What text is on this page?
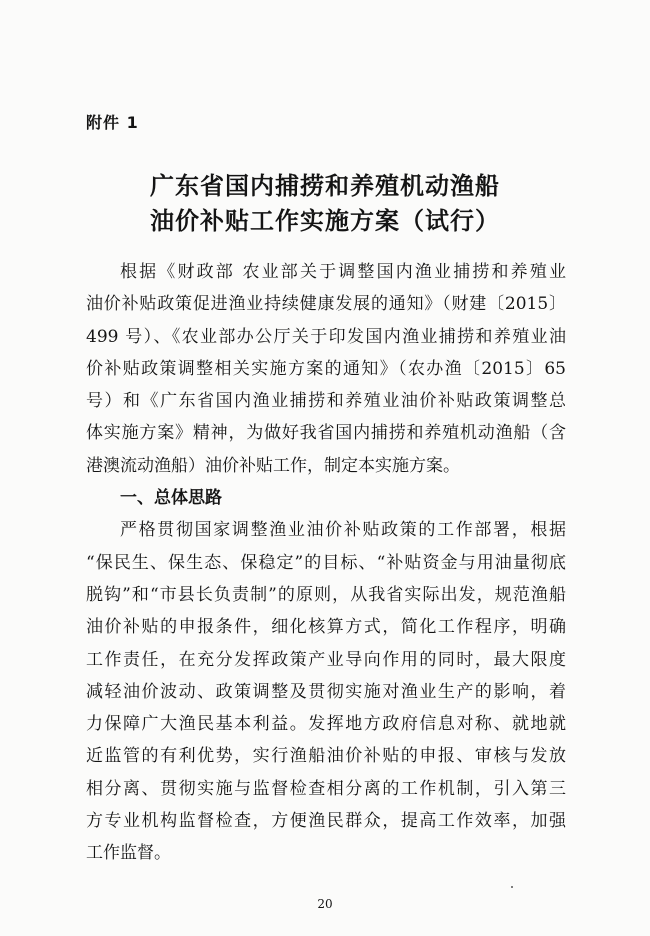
附件 1
广东省国内捕捞和养殖机动渔船
油价补贴工作实施方案（试行）
根据《财政部 农业部关于调整国内渔业捕捞和养殖业
油价补贴政策促进渔业持续健康发展的通知》（财建〔2015〕
499 号）、《农业部办公厅关于印发国内渔业捕捞和养殖业油
价补贴政策调整相关实施方案的通知》（农办渔〔2015〕65
号）和《广东省国内渔业捕捞和养殖业油价补贴政策调整总
体实施方案》精神，为做好我省国内捕捞和养殖机动渔船（含
港澳流动渔船）油价补贴工作，制定本实施方案。
一、总体思路
严格贯彻国家调整渔业油价补贴政策的工作部署，根据
“保民生、保生态、保稳定”的目标、“补贴资金与用油量彻底
脱钩”和“市县长负责制”的原则，从我省实际出发，规范渔船
油价补贴的申报条件，细化核算方式，简化工作程序，明确
工作责任，在充分发挥政策产业导向作用的同时，最大限度
减轻油价波动、政策调整及贯彻实施对渔业生产的影响，着
力保障广大渔民基本利益。发挥地方政府信息对称、就地就
近监管的有利优势，实行渔船油价补贴的申报、审核与发放
相分离、贯彻实施与监督检查相分离的工作机制，引入第三
方专业机构监督检查，方便渔民群众，提高工作效率，加强
工作监督。
20
